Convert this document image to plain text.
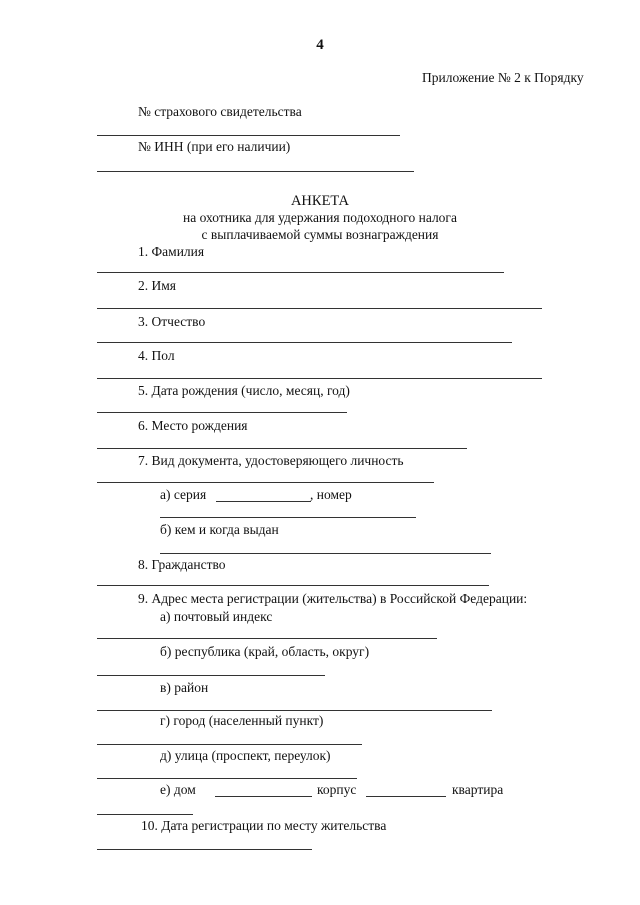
4
Приложение № 2 к Порядку
№ страхового свидетельства
№ ИНН (при его наличии)
АНКЕТА
на охотника для удержания подоходного налога
с выплачиваемой суммы вознаграждения
1. Фамилия
2. Имя
3. Отчество
4. Пол
5. Дата рождения (число, месяц, год)
6. Место рождения
7. Вид документа, удостоверяющего личность
а) серия	, номер
б) кем и когда выдан
8. Гражданство
9. Адрес места регистрации (жительства) в Российской Федерации:
а) почтовый индекс
б) республика (край, область, округ)
в) район
г) город (населенный пункт)
д) улица (проспект, переулок)
е) дом	корпус	квартира
10. Дата регистрации по месту жительства
